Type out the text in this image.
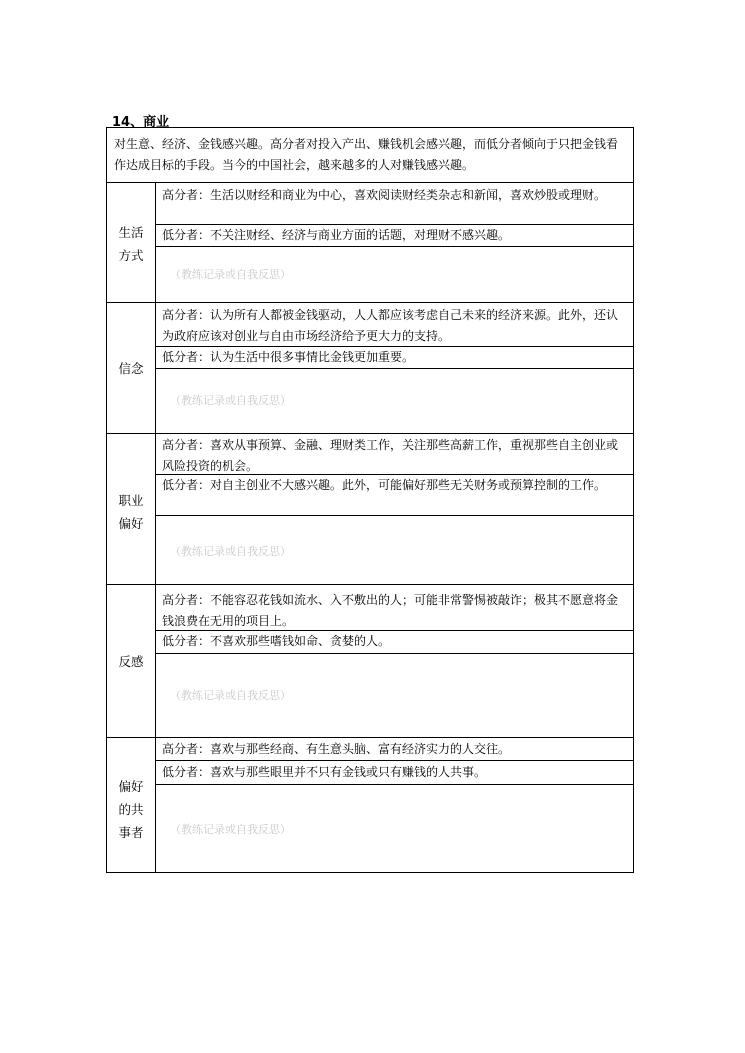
14、商业
对生意、经济、金钱感兴趣。高分者对投入产出、赚钱机会感兴趣，而低分者倾向于只把金钱看作达成目标的手段。当今的中国社会，越来越多的人对赚钱感兴趣。
生活方式
高分者：生活以财经和商业为中心，喜欢阅读财经类杂志和新闻，喜欢炒股或理财。
低分者：不关注财经、经济与商业方面的话题，对理财不感兴趣。
（教练记录或自我反思）
信念
高分者：认为所有人都被金钱驱动，人人都应该考虑自己未来的经济来源。此外，还认为政府应该对创业与自由市场经济给予更大力的支持。
低分者：认为生活中很多事情比金钱更加重要。
（教练记录或自我反思）
职业偏好
高分者：喜欢从事预算、金融、理财类工作，关注那些高薪工作，重视那些自主创业或风险投资的机会。
低分者：对自主创业不大感兴趣。此外，可能偏好那些无关财务或预算控制的工作。
（教练记录或自我反思）
反感
高分者：不能容忍花钱如流水、入不敷出的人；可能非常警惕被敲诈；极其不愿意将金钱浪费在无用的项目上。
低分者：不喜欢那些嗜钱如命、贪婪的人。
（教练记录或自我反思）
偏好的共事者
高分者：喜欢与那些经商、有生意头脑、富有经济实力的人交往。
低分者：喜欢与那些眼里并不只有金钱或只有赚钱的人共事。
（教练记录或自我反思）
